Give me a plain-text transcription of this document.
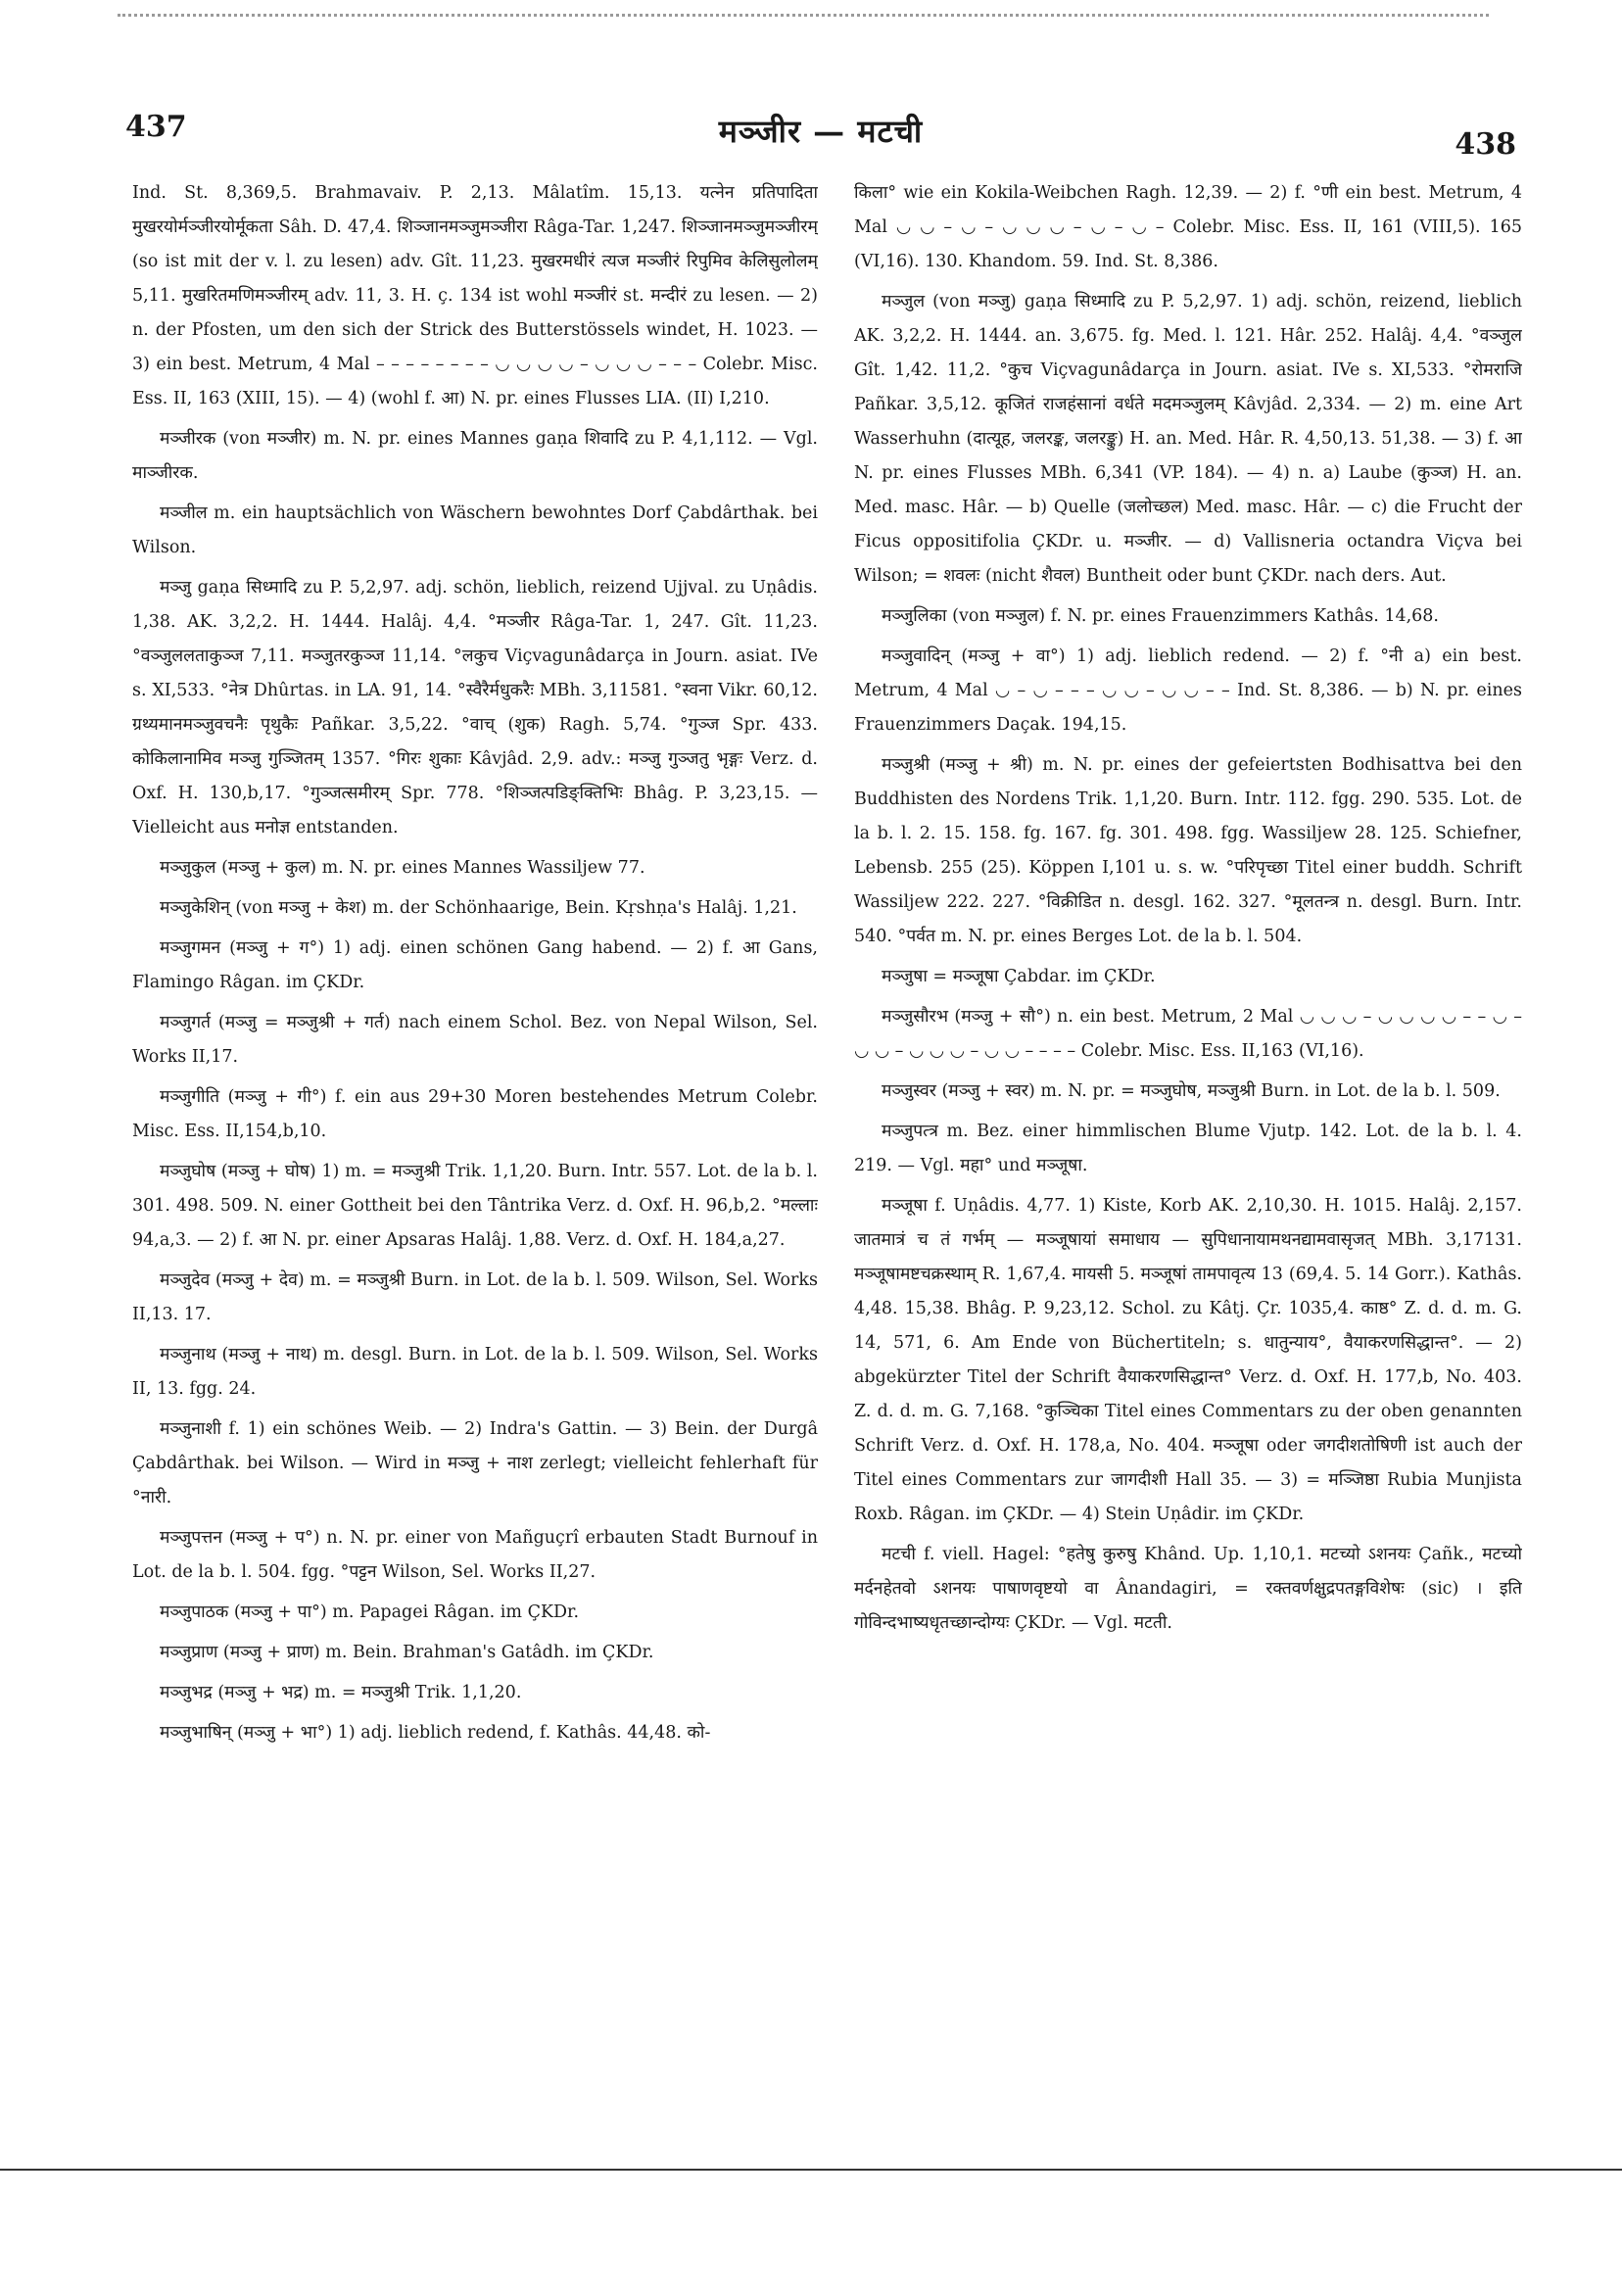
437	मञ्जीर — मटची	438

Ind. St. 8,369,5. Brahmavaiv. P. 2,13. Mâlatîm. 15,13. यत्नेन प्रतिपादिता मुखरयोर्मञ्जीरयोर्मूकता Sâh. D. 47,4. शिञ्जानमञ्जुमञ्जीरा Râga-Tar. 1,247. शिञ्जानमञ्जुमञ्जीरम् (so ist mit der v. l. zu lesen) adv. Gît. 11,23. मुखरमधीरं त्यज मञ्जीरं रिपुमिव केलिसुलोलम् 5,11. मुखरितमणिमञ्जीरम् adv. 11, 3. H. ç. 134 ist wohl मञ्जीरं st. मन्दीरं zu lesen. — 2) n. der Pfosten, um den sich der Strick des Butterstössels windet, H. 1023. — 3) ein best. Metrum, 4 Mal – – – – – – – – ◡ ◡ ◡ ◡ – ◡ ◡ ◡ – – – Colebr. Misc. Ess. II, 163 (XIII, 15). — 4) (wohl f. आ) N. pr. eines Flusses LIA. (II) I,210.

मञ्जीरक (von मञ्जीर) m. N. pr. eines Mannes gaṇa शिवादि zu P. 4,1,112. — Vgl. माञ्जीरक.

मञ्जील m. ein hauptsächlich von Wäschern bewohntes Dorf Çabdârthak. bei Wilson.

मञ्जु gaṇa सिध्मादि zu P. 5,2,97. adj. schön, lieblich, reizend Ujjval. zu Uṇâdis. 1,38. AK. 3,2,2. H. 1444. Halâj. 4,4. °मञ्जीर Râga-Tar. 1, 247. Gît. 11,23. °वञ्जुललताकुञ्ज 7,11. मञ्जुतरकुञ्ज 11,14. °लकुच Viçvagunâdarça in Journ. asiat. IVe s. XI,533. °नेत्र Dhûrtas. in LA. 91, 14. °स्वैरैर्मधुकरैः MBh. 3,11581. °स्वना Vikr. 60,12. ग्रथ्यमानमञ्जुवचनैः पृथुकैः Pañkar. 3,5,22. °वाच् (शुक) Ragh. 5,74. °गुञ्ज Spr. 433. कोकिलानामिव मञ्जु गुञ्जितम् 1357. °गिरः शुकाः Kâvjâd. 2,9. adv.: मञ्जु गुञ्जतु भृङ्गः Verz. d. Oxf. H. 130,b,17. °गुञ्जत्समीरम् Spr. 778. °शिञ्जत्पडिङ्क्तिभिः Bhâg. P. 3,23,15. — Vielleicht aus मनोज्ञ entstanden.

मञ्जुकुल (मञ्जु + कुल) m. N. pr. eines Mannes Wassiljew 77.

मञ्जुकेशिन् (von मञ्जु + केश) m. der Schönhaarige, Bein. Kṛshṇa's Halâj. 1,21.

मञ्जुगमन (मञ्जु + ग°) 1) adj. einen schönen Gang habend. — 2) f. आ Gans, Flamingo Râgan. im ÇKDr.

मञ्जुगर्त (मञ्जु = मञ्जुश्री + गर्त) nach einem Schol. Bez. von Nepal Wilson, Sel. Works II,17.

मञ्जुगीति (मञ्जु + गी°) f. ein aus 29+30 Moren bestehendes Metrum Colebr. Misc. Ess. II,154,b,10.

मञ्जुघोष (मञ्जु + घोष) 1) m. = मञ्जुश्री Trik. 1,1,20. Burn. Intr. 557. Lot. de la b. l. 301. 498. 509. N. einer Gottheit bei den Tântrika Verz. d. Oxf. H. 96,b,2. °मल्लाः 94,a,3. — 2) f. आ N. pr. einer Apsaras Halâj. 1,88. Verz. d. Oxf. H. 184,a,27.

मञ्जुदेव (मञ्जु + देव) m. = मञ्जुश्री Burn. in Lot. de la b. l. 509. Wilson, Sel. Works II,13. 17.

मञ्जुनाथ (मञ्जु + नाथ) m. desgl. Burn. in Lot. de la b. l. 509. Wilson, Sel. Works II, 13. fgg. 24.

मञ्जुनाशी f. 1) ein schönes Weib. — 2) Indra's Gattin. — 3) Bein. der Durgâ Çabdârthak. bei Wilson. — Wird in मञ्जु + नाश zerlegt; vielleicht fehlerhaft für °नारी.

मञ्जुपत्तन (मञ्जु + प°) n. N. pr. einer von Mañguçrî erbauten Stadt Burnouf in Lot. de la b. l. 504. fgg. °पट्टन Wilson, Sel. Works II,27.

मञ्जुपाठक (मञ्जु + पा°) m. Papagei Râgan. im ÇKDr.

मञ्जुप्राण (मञ्जु + प्राण) m. Bein. Brahman's Gatâdh. im ÇKDr.

मञ्जुभद्र (मञ्जु + भद्र) m. = मञ्जुश्री Trik. 1,1,20.

मञ्जुभाषिन् (मञ्जु + भा°) 1) adj. lieblich redend, f. Kathâs. 44,48. को-

किला° wie ein Kokila-Weibchen Ragh. 12,39. — 2) f. °णी ein best. Metrum, 4 Mal ◡ ◡ – ◡ – ◡ ◡ ◡ – ◡ – ◡ – Colebr. Misc. Ess. II, 161 (VIII,5). 165 (VI,16). 130. Khandom. 59. Ind. St. 8,386.

मञ्जुल (von मञ्जु) gaṇa सिध्मादि zu P. 5,2,97. 1) adj. schön, reizend, lieblich AK. 3,2,2. H. 1444. an. 3,675. fg. Med. l. 121. Hâr. 252. Halâj. 4,4. °वञ्जुल Gît. 1,42. 11,2. °कुच Viçvagunâdarça in Journ. asiat. IVe s. XI,533. °रोमराजि Pañkar. 3,5,12. कूजितं राजहंसानां वर्धते मदमञ्जुलम् Kâvjâd. 2,334. — 2) m. eine Art Wasserhuhn (दात्यूह, जलरङ्क, जलरङ्कु) H. an. Med. Hâr. R. 4,50,13. 51,38. — 3) f. आ N. pr. eines Flusses MBh. 6,341 (VP. 184). — 4) n. a) Laube (कुञ्ज) H. an. Med. masc. Hâr. — b) Quelle (जलोच्छल) Med. masc. Hâr. — c) die Frucht der Ficus oppositifolia ÇKDr. u. मञ्जीर. — d) Vallisneria octandra Viçva bei Wilson; = शवलः (nicht शैवल) Buntheit oder bunt ÇKDr. nach ders. Aut.

मञ्जुलिका (von मञ्जुल) f. N. pr. eines Frauenzimmers Kathâs. 14,68.

मञ्जुवादिन् (मञ्जु + वा°) 1) adj. lieblich redend. — 2) f. °नी a) ein best. Metrum, 4 Mal ◡ – ◡ – – – ◡ ◡ – ◡ ◡ – – Ind. St. 8,386. — b) N. pr. eines Frauenzimmers Daçak. 194,15.

मञ्जुश्री (मञ्जु + श्री) m. N. pr. eines der gefeiertsten Bodhisattva bei den Buddhisten des Nordens Trik. 1,1,20. Burn. Intr. 112. fgg. 290. 535. Lot. de la b. l. 2. 15. 158. fg. 167. fg. 301. 498. fgg. Wassiljew 28. 125. Schiefner, Lebensb. 255 (25). Köppen I,101 u. s. w. °परिपृच्छा Titel einer buddh. Schrift Wassiljew 222. 227. °विक्रीडित n. desgl. 162. 327. °मूलतन्त्र n. desgl. Burn. Intr. 540. °पर्वत m. N. pr. eines Berges Lot. de la b. l. 504.

मञ्जुषा = मञ्जूषा Çabdar. im ÇKDr.

मञ्जुसौरभ (मञ्जु + सौ°) n. ein best. Metrum, 2 Mal ◡ ◡ ◡ – ◡ ◡ ◡ ◡ – – ◡ – ◡ ◡ – ◡ ◡ ◡ – ◡ ◡ – – – – Colebr. Misc. Ess. II,163 (VI,16).

मञ्जुस्वर (मञ्जु + स्वर) m. N. pr. = मञ्जुघोष, मञ्जुश्री Burn. in Lot. de la b. l. 509.

मञ्जुपत्त्र m. Bez. einer himmlischen Blume Vjutp. 142. Lot. de la b. l. 4. 219. — Vgl. महा° und मञ्जूषा.

मञ्जूषा f. Uṇâdis. 4,77. 1) Kiste, Korb AK. 2,10,30. H. 1015. Halâj. 2,157. जातमात्रं च तं गर्भम् — मञ्जूषायां समाधाय — सुपिधानायामथनद्यामवासृजत् MBh. 3,17131. मञ्जूषामष्टचक्रस्थाम् R. 1,67,4. मायसी 5. मञ्जूषां तामपावृत्य 13 (69,4. 5. 14 Gorr.). Kathâs. 4,48. 15,38. Bhâg. P. 9,23,12. Schol. zu Kâtj. Çr. 1035,4. काष्ठ° Z. d. d. m. G. 14, 571, 6. Am Ende von Büchertiteln; s. धातुन्याय°, वैयाकरणसिद्धान्त°. — 2) abgekürzter Titel der Schrift वैयाकरणसिद्धान्त° Verz. d. Oxf. H. 177,b, No. 403. Z. d. d. m. G. 7,168. °कुञ्चिका Titel eines Commentars zu der oben genannten Schrift Verz. d. Oxf. H. 178,a, No. 404. मञ्जूषा oder जगदीशतोषिणी ist auch der Titel eines Commentars zur जागदीशी Hall 35. — 3) = मञ्जिष्ठा Rubia Munjista Roxb. Râgan. im ÇKDr. — 4) Stein Uṇâdir. im ÇKDr.

मटची f. viell. Hagel: °हतेषु कुरुषु Khând. Up. 1,10,1. मटच्यो ऽशनयः Çañk., मटच्यो मर्दनहेतवो ऽशनयः पाषाणवृष्टयो वा Ânandagiri, = रक्तवर्णक्षुद्रपतङ्गविशेषः (sic) । इति गोविन्दभाष्यधृतच्छान्दोग्यः ÇKDr. — Vgl. मटती.
